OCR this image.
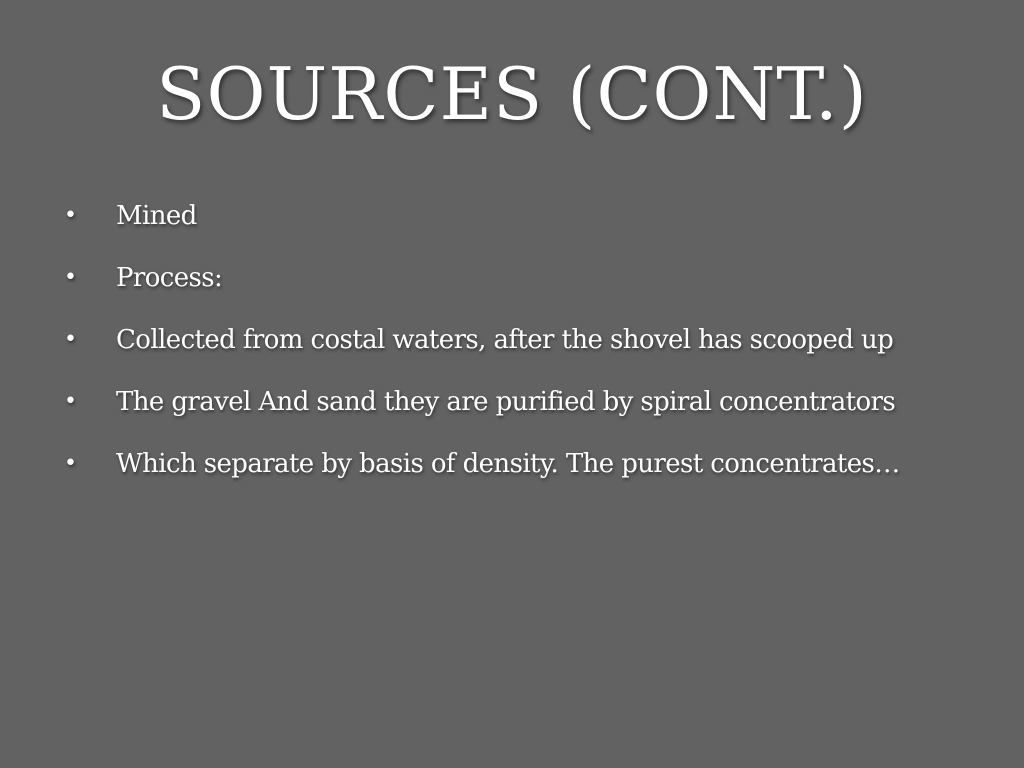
SOURCES (CONT.)
• Mined
• Process:
• Collected from costal waters, after the shovel has scooped up
• The gravel And sand they are purified by spiral concentrators
• Which separate by basis of density. The purest concentrates…
